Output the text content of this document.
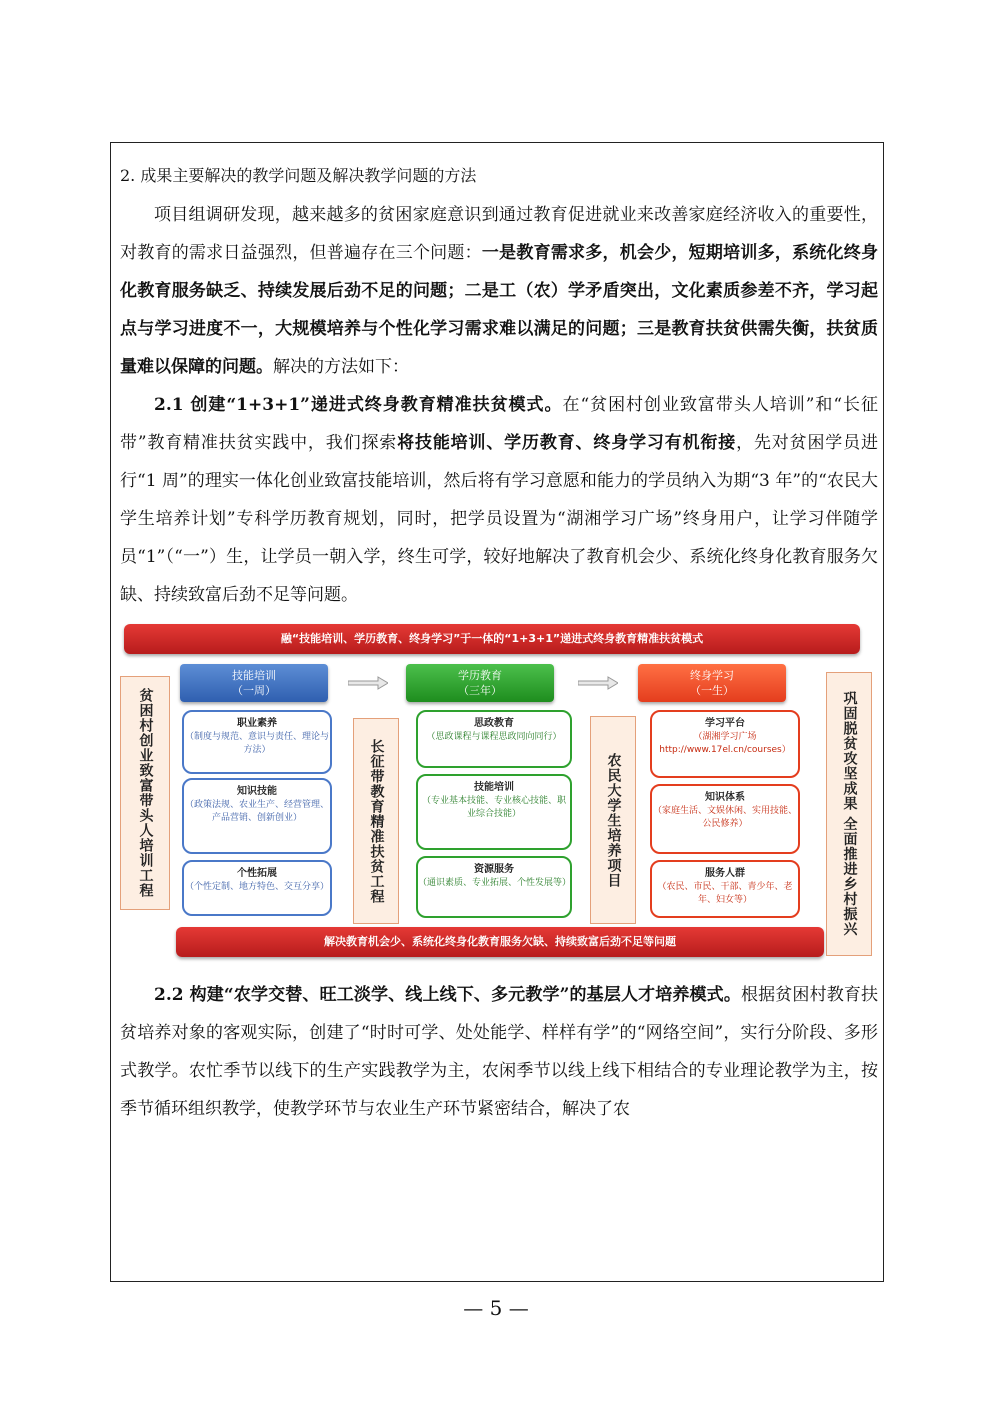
2. 成果主要解决的教学问题及解决教学问题的方法

项目组调研发现，越来越多的贫困家庭意识到通过教育促进就业来改善家庭经济收入的重要性，对教育的需求日益强烈，但普遍存在三个问题：一是教育需求多，机会少，短期培训多，系统化终身化教育服务缺乏、持续发展后劲不足的问题；二是工（农）学矛盾突出，文化素质参差不齐，学习起点与学习进度不一，大规模培养与个性化学习需求难以满足的问题；三是教育扶贫供需失衡，扶贫质量难以保障的问题。解决的方法如下：

2.1 创建“1+3+1”递进式终身教育精准扶贫模式。在“贫困村创业致富带头人培训”和“长征带”教育精准扶贫实践中，我们探索将技能培训、学历教育、终身学习有机衔接，先对贫困学员进行“1 周”的理实一体化创业致富技能培训，然后将有学习意愿和能力的学员纳入为期“3 年”的“农民大学生培养计划”专科学历教育规划，同时，把学员设置为“湖湘学习广场”终身用户，让学习伴随学员“1”（“一”）生，让学员一朝入学，终生可学，较好地解决了教育机会少、系统化终身化教育服务欠缺、持续致富后劲不足等问题。

融“技能培训、学历教育、终身学习”于一体的“1+3+1”递进式终身教育精准扶贫模式
贫困村创业致富带头人培训工程
技能培训
（一周）
职业素养
（制度与规范、意识与责任、理论与方法）
知识技能
（政策法规、农业生产、经营管理、产品营销、创新创业）
个性拓展
（个性定制、地方特色、交互分享）	长征带教育精准扶贫工程
学历教育
（三年）
思政教育
（思政课程与课程思政同向同行）
技能培训
（专业基本技能、专业核心技能、职业综合技能）
资源服务
（通识素质、专业拓展、个性发展等）	农民大学生培养项目
终身学习
（一生）
学习平台
（湖湘学习广场 http://www.17el.cn/courses）
知识体系
（家庭生活、文娱休闲、实用技能、公民修养）
服务人群
（农民、市民、干部、青少年、老年、妇女等）	巩固脱贫攻坚成果 全面推进乡村振兴
解决教育机会少、系统化终身化教育服务欠缺、持续致富后劲不足等问题

2.2 构建“农学交替、旺工淡学、线上线下、多元教学”的基层人才培养模式。根据贫困村教育扶贫培养对象的客观实际，创建了“时时可学、处处能学、样样有学”的“网络空间”，实行分阶段、多形式教学。农忙季节以线下的生产实践教学为主，农闲季节以线上线下相结合的专业理论教学为主，按季节循环组织教学，使教学环节与农业生产环节紧密结合，解决了农

— 5 —
